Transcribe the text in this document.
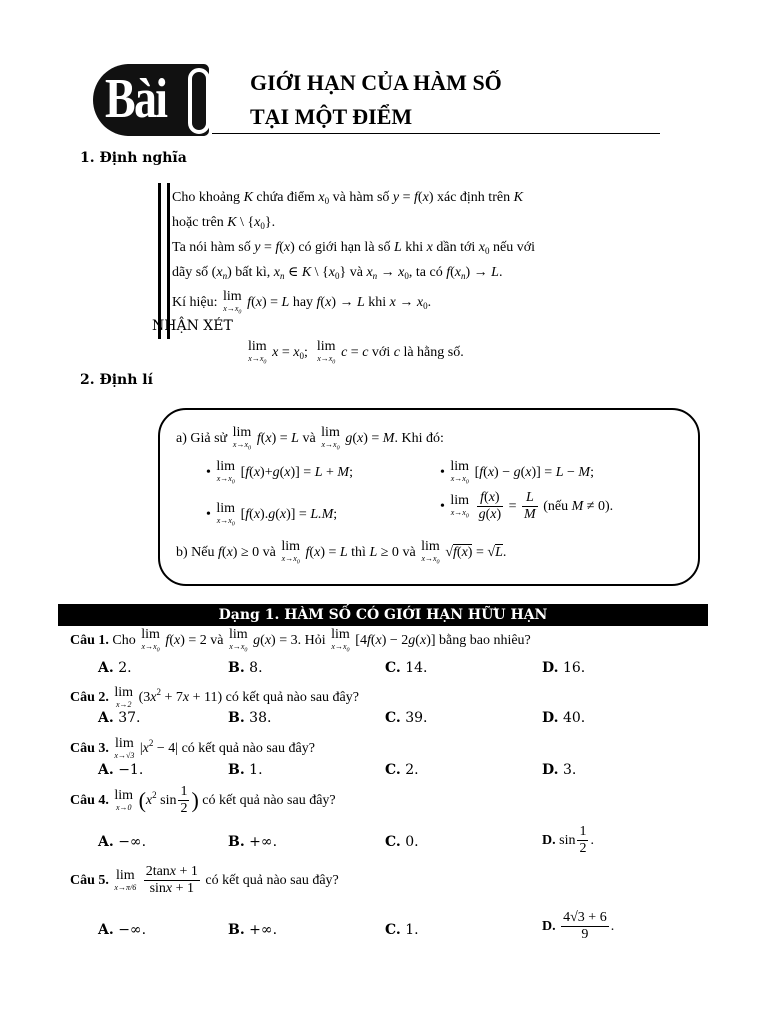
Bài 2
GIỚI HẠN CỦA HÀM SỐ
TẠI MỘT ĐIỂM
1. Định nghĩa
Cho khoảng K chứa điểm $x_0$ và hàm số y = f(x) xác định trên K
hoặc trên K \ $\{x_0\}$.
Ta nói hàm số y = f(x) có giới hạn là số L khi x dần tới $x_0$ nếu với
dãy số $(x_n)$ bất kì, $x_n$ ∈ K \ $\{x_0\}$ và $x_n \to x_0$, ta có $f(x_n) \to L$.
Kí hiệu: lim
$x\to x_0$
f(x) = L hay f(x) → L khi $x \to x_0$.
NHẬN XÉT
lim
$x\to x_0$
$x = x_0$; lim
$x\to x_0$
c = c với c là hằng số.
2. Định lí
a) Giả sử lim
$x\to x_0$
f(x) = L và lim
$x\to x_0$
g(x) = M. Khi đó:
• lim
$x\to x_0$
[f(x)+g(x)] = L + M;	• lim
$x\to x_0$
[f(x) − g(x)] = L − M;
• lim
$x\to x_0$
[f(x).g(x)] = L.M;
• lim
$x\to x_0$
$\frac{f(x)}{g(x)} = \frac{L}{M}$ (nếu M ≠ 0).
b) Nếu f(x) ≥ 0 và lim
$x\to x_0$
f(x) = L thì L ≥ 0 và lim
$x\to x_0$
√f(x) = √L.
Dạng 1. HÀM SỐ CÓ GIỚI HẠN HỮU HẠN
Câu 1. Cho lim
$x\to x_0$
f(x) = 2 và lim
$x\to x_0$
g(x) = 3. Hỏi lim
$x\to x_0$
[4f(x) − 2g(x)] bằng bao nhiêu?
A. 2.	B. 8.	C. 14.	D. 16.
Câu 2. lim
x→2 $(3x^2 + 7x + 11)$ có kết quả nào sau đây?
A. 37.	B. 38.	C. 39.	D. 40.
Câu 3. lim
x→√3 $|x^2 - 4|$ có kết quả nào sau đây?
A. −1.	B. 1.	C. 2.	D. 3.
Câu 4. lim
x→0 ($x^2$ $\sin \frac{1}{2}$ ) có kết quả nào sau đây?
A. −∞.	B. +∞.	C. 0.	D. $\sin \frac{1}{2}$ .
Câu 5. lim
x→π/6
$\frac{2\tan x + 1}{\sin x + 1}$ có kết quả nào sau đây?
A. −∞.	B. +∞.	C. 1.	D. $\frac{4√3 + 6}{9}$ .
